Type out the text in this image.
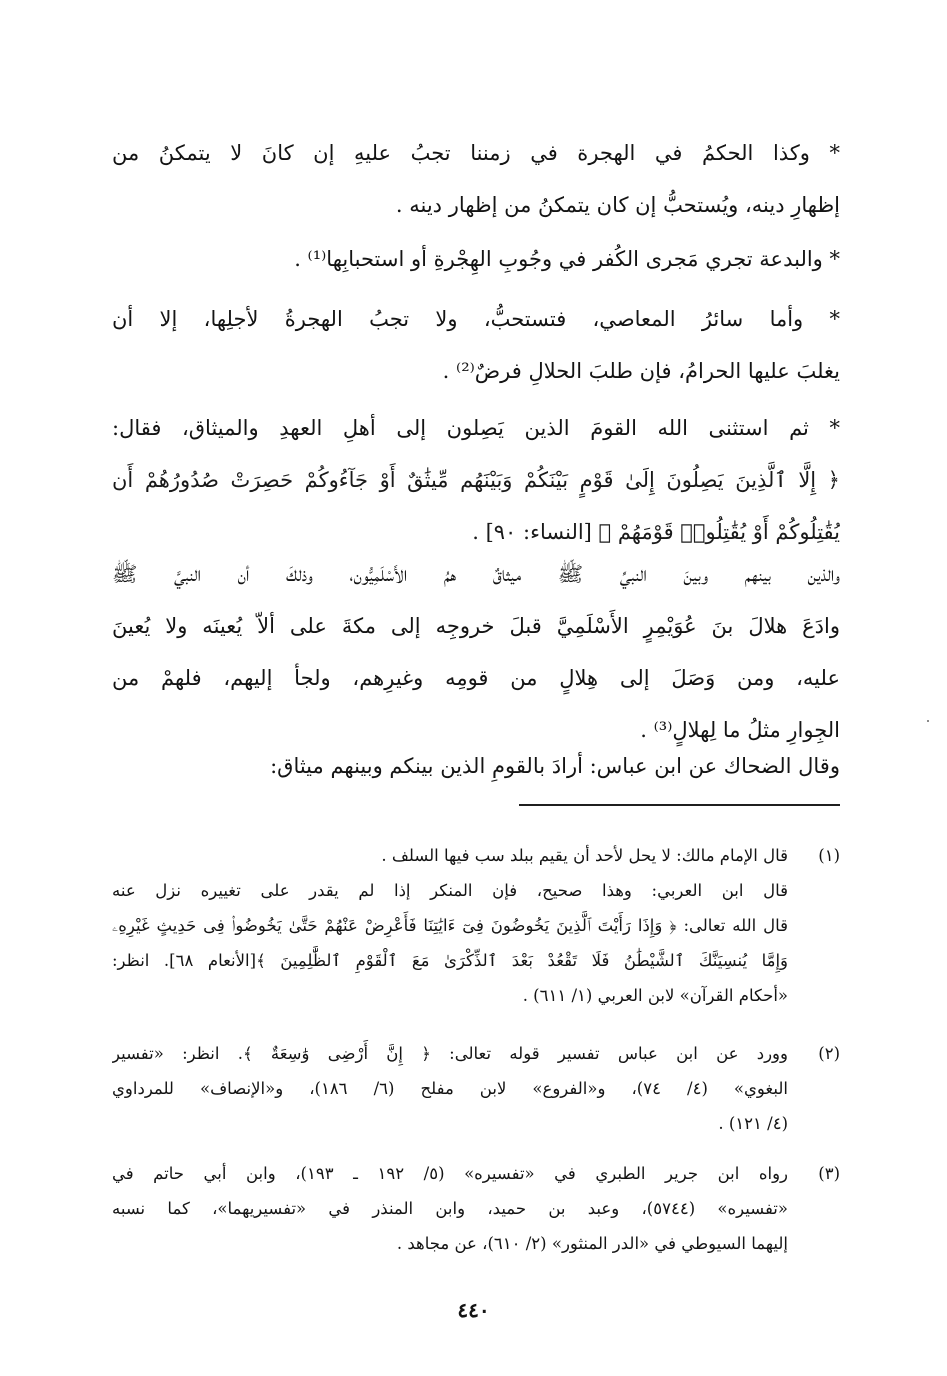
* وكذا الحكمُ في الهجرة في زمننا تجبُ عليهِ إن كانَ لا يتمكنُ من
إظهارِ دينه، ويُستحبُّ إن كان يتمكنُ من إظهار دينه .
* والبدعة تجري مَجرى الكُفر في وجُوبِ الهِجْرةِ أو استحبابِها⁽¹⁾ .
* وأما سائرُ المعاصي، فتستحبُّ، ولا تجبُ الهجرةُ لأجلِها، إلا أن
يغلبَ عليها الحرامُ، فإن طلبَ الحلالِ فرضٌ⁽²⁾ .
* ثم استثنى الله القومَ الذين يَصِلون إلى أهلِ العهدِ والميثاق، فقال:
﴿ إِلَّا ٱلَّذِينَ يَصِلُونَ إِلَىٰ قَوْمٍ بَيْنَكُمْ وَبَيْنَهُم مِّيثَٰقٌ أَوْ جَآءُوكُمْ حَصِرَتْ صُدُورُهُمْ أَن
يُقَٰتِلُوكُمْ أَوْ يُقَٰتِلُوا۟ قَوْمَهُمْ ﴾ [النساء: ٩٠] .
والذين بينهم وبينَ النبيِّ ﷺ ميثاقٌ همُ الأَسْلَمِيُّون، وذلكَ أن النبيَّ ﷺ
وادَعَ هلالَ بنَ عُوَيْمِرٍ الأَسْلَمِيَّ قبلَ خروجِه إلى مكةَ على ألاّ يُعينَه ولا يُعينَ
عليه، ومن وَصَلَ إلى هِلالٍ من قومِه وغيرِهم، ولجأ إليهم، فلهمْ من
الجِوارِ مثلُ ما لِهلالٍ⁽³⁾ .
وقال الضحاك عن ابن عباس: أرادَ بالقومِ الذين بينكم وبينهم ميثاق:
(١)
قال الإمام مالك: لا يحل لأحد أن يقيم ببلد سب فيها السلف .
قال ابن العربي: وهذا صحيح، فإن المنكر إذا لم يقدر على تغييره نزل عنه
قال الله تعالى: ﴿ وَإِذَا رَأَيْتَ ٱلَّذِينَ يَخُوضُونَ فِىٓ ءَايَٰتِنَا فَأَعْرِضْ عَنْهُمْ حَتَّىٰ يَخُوضُوا۟ فِى حَدِيثٍ غَيْرِهِۦ
وَإِمَّا يُنسِيَنَّكَ ٱلشَّيْطَٰنُ فَلَا تَقْعُدْ بَعْدَ ٱلذِّكْرَىٰ مَعَ ٱلْقَوْمِ ٱلظَّٰلِمِينَ ﴾[الأنعام ٦٨]. انظر:
«أحكام القرآن» لابن العربي (١/ ٦١١) .
(٢)
وورد عن ابن عباس تفسير قوله تعالى: ﴿ إِنَّ أَرْضِى وَٰسِعَةٌ ﴾. انظر: «تفسير
البغوي» (٤/ ٧٤)، و«الفروع» لابن مفلح (٦/ ١٨٦)، و«الإنصاف» للمرداوي
(٤/ ١٢١) .
(٣)
رواه ابن جرير الطبري في «تفسيره» (٥/ ١٩٢ ـ ١٩٣)، وابن أبي حاتم في
«تفسيره» (٥٧٤٤)، وعبد بن حميد، وابن المنذر في «تفسيريهما»، كما نسبه
إليهما السيوطي في «الدر المنثور» (٢/ ٦١٠)، عن مجاهد .
٤٤٠
